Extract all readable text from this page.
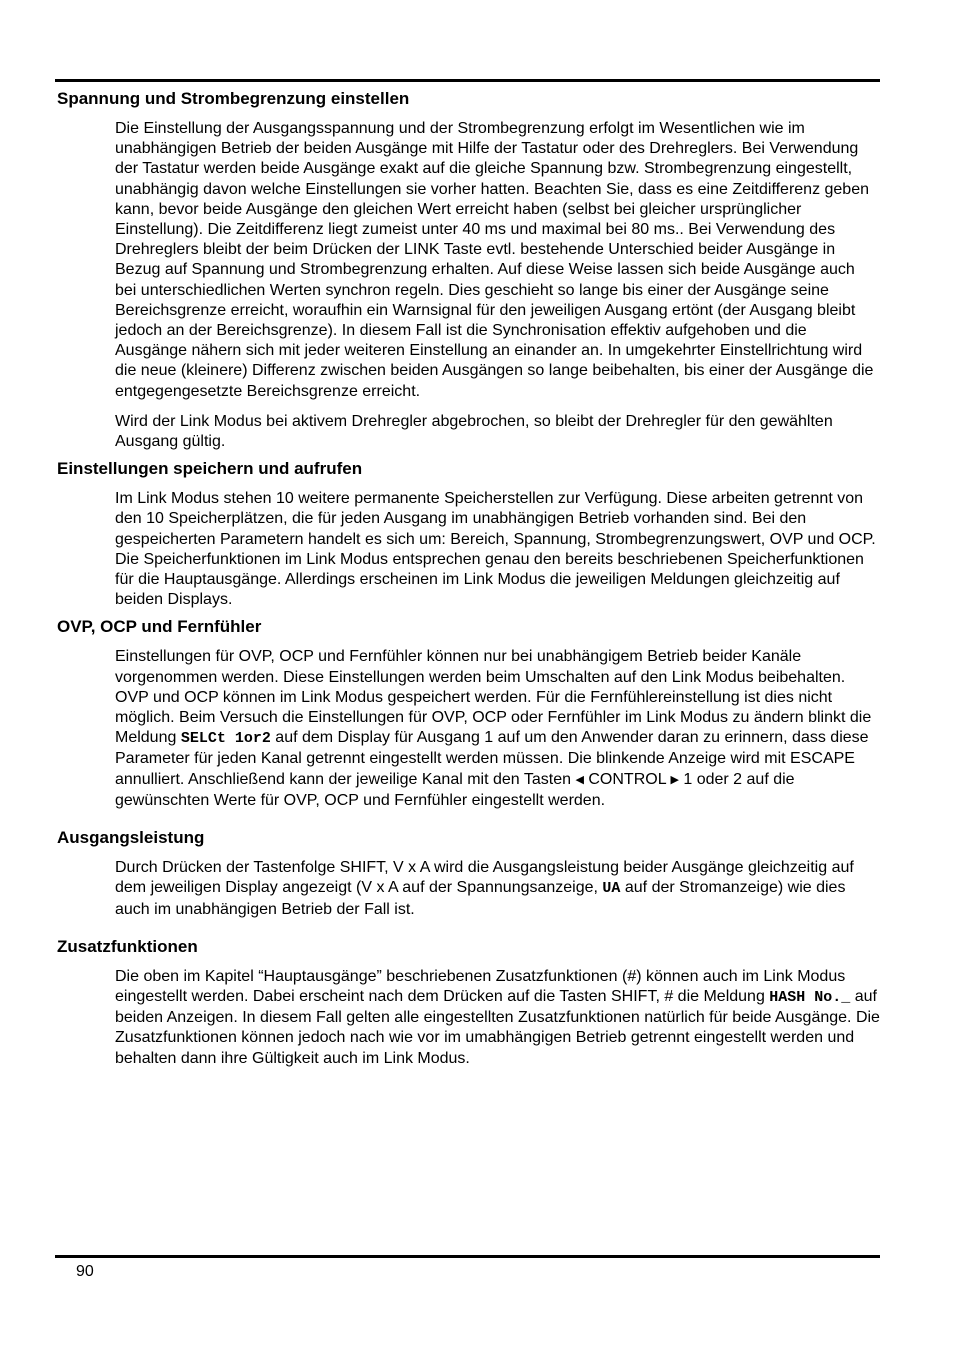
Spannung und Strombegrenzung einstellen

Die Einstellung der Ausgangsspannung und der Strombegrenzung erfolgt im Wesentlichen wie im unabhängigen Betrieb der beiden Ausgänge mit Hilfe der Tastatur oder des Drehreglers. Bei Verwendung der Tastatur werden beide Ausgänge exakt auf die gleiche Spannung bzw. Strombegrenzung eingestellt, unabhängig davon welche Einstellungen sie vorher hatten. Beachten Sie, dass es eine Zeitdifferenz geben kann, bevor beide Ausgänge den gleichen Wert erreicht haben (selbst bei gleicher ursprünglicher Einstellung). Die Zeitdifferenz liegt zumeist unter 40 ms und maximal bei 80 ms.. Bei Verwendung des Drehreglers bleibt der beim Drücken der LINK Taste evtl. bestehende Unterschied beider Ausgänge in Bezug auf Spannung und Strombegrenzung erhalten. Auf diese Weise lassen sich beide Ausgänge auch bei unterschiedlichen Werten synchron regeln. Dies geschieht so lange bis einer der Ausgänge seine Bereichsgrenze erreicht, woraufhin ein Warnsignal für den jeweiligen Ausgang ertönt (der Ausgang bleibt jedoch an der Bereichsgrenze). In diesem Fall ist die Synchronisation effektiv aufgehoben und die Ausgänge nähern sich mit jeder weiteren Einstellung an einander an. In umgekehrter Einstellrichtung wird die neue (kleinere) Differenz zwischen beiden Ausgängen so lange beibehalten, bis einer der Ausgänge die entgegengesetzte Bereichsgrenze erreicht.

Wird der Link Modus bei aktivem Drehregler abgebrochen, so bleibt der Drehregler für den gewählten Ausgang gültig.

Einstellungen speichern und aufrufen

Im Link Modus stehen 10 weitere permanente Speicherstellen zur Verfügung. Diese arbeiten getrennt von den 10 Speicherplätzen, die für jeden Ausgang im unabhängigen Betrieb vorhanden sind. Bei den gespeicherten Parametern handelt es sich um: Bereich, Spannung, Strombegrenzungswert, OVP und OCP. Die Speicherfunktionen im Link Modus entsprechen genau den bereits beschriebenen Speicherfunktionen für die Hauptausgänge. Allerdings erscheinen im Link Modus die jeweiligen Meldungen gleichzeitig auf beiden Displays.

OVP, OCP und Fernfühler

Einstellungen für OVP, OCP und Fernfühler können nur bei unabhängigem Betrieb beider Kanäle vorgenommen werden. Diese Einstellungen werden beim Umschalten auf den Link Modus beibehalten. OVP und OCP können im Link Modus gespeichert werden. Für die Fernfühlereinstellung ist dies nicht möglich. Beim Versuch die Einstellungen für OVP, OCP oder Fernfühler im Link Modus zu ändern blinkt die Meldung SELCt 1or2 auf dem Display für Ausgang 1 auf um den Anwender daran zu erinnern, dass diese Parameter für jeden Kanal getrennt eingestellt werden müssen. Die blinkende Anzeige wird mit ESCAPE annulliert. Anschließend kann der jeweilige Kanal mit den Tasten ◀ CONTROL ▶ 1 oder 2 auf die gewünschten Werte für OVP, OCP und Fernfühler eingestellt werden.

Ausgangsleistung

Durch Drücken der Tastenfolge SHIFT, V x A wird die Ausgangsleistung beider Ausgänge gleichzeitig auf dem jeweiligen Display angezeigt (V x A auf der Spannungsanzeige, UA auf der Stromanzeige) wie dies auch im unabhängigen Betrieb der Fall ist.

Zusatzfunktionen

Die oben im Kapitel “Hauptausgänge” beschriebenen Zusatzfunktionen (#) können auch im Link Modus eingestellt werden. Dabei erscheint nach dem Drücken auf die Tasten SHIFT, # die Meldung HASH No._ auf beiden Anzeigen. In diesem Fall gelten alle eingestellten Zusatzfunktionen natürlich für beide Ausgänge. Die Zusatzfunktionen können jedoch nach wie vor im umabhängigen Betrieb getrennt eingestellt werden und behalten dann ihre Gültigkeit auch im Link Modus.

90
